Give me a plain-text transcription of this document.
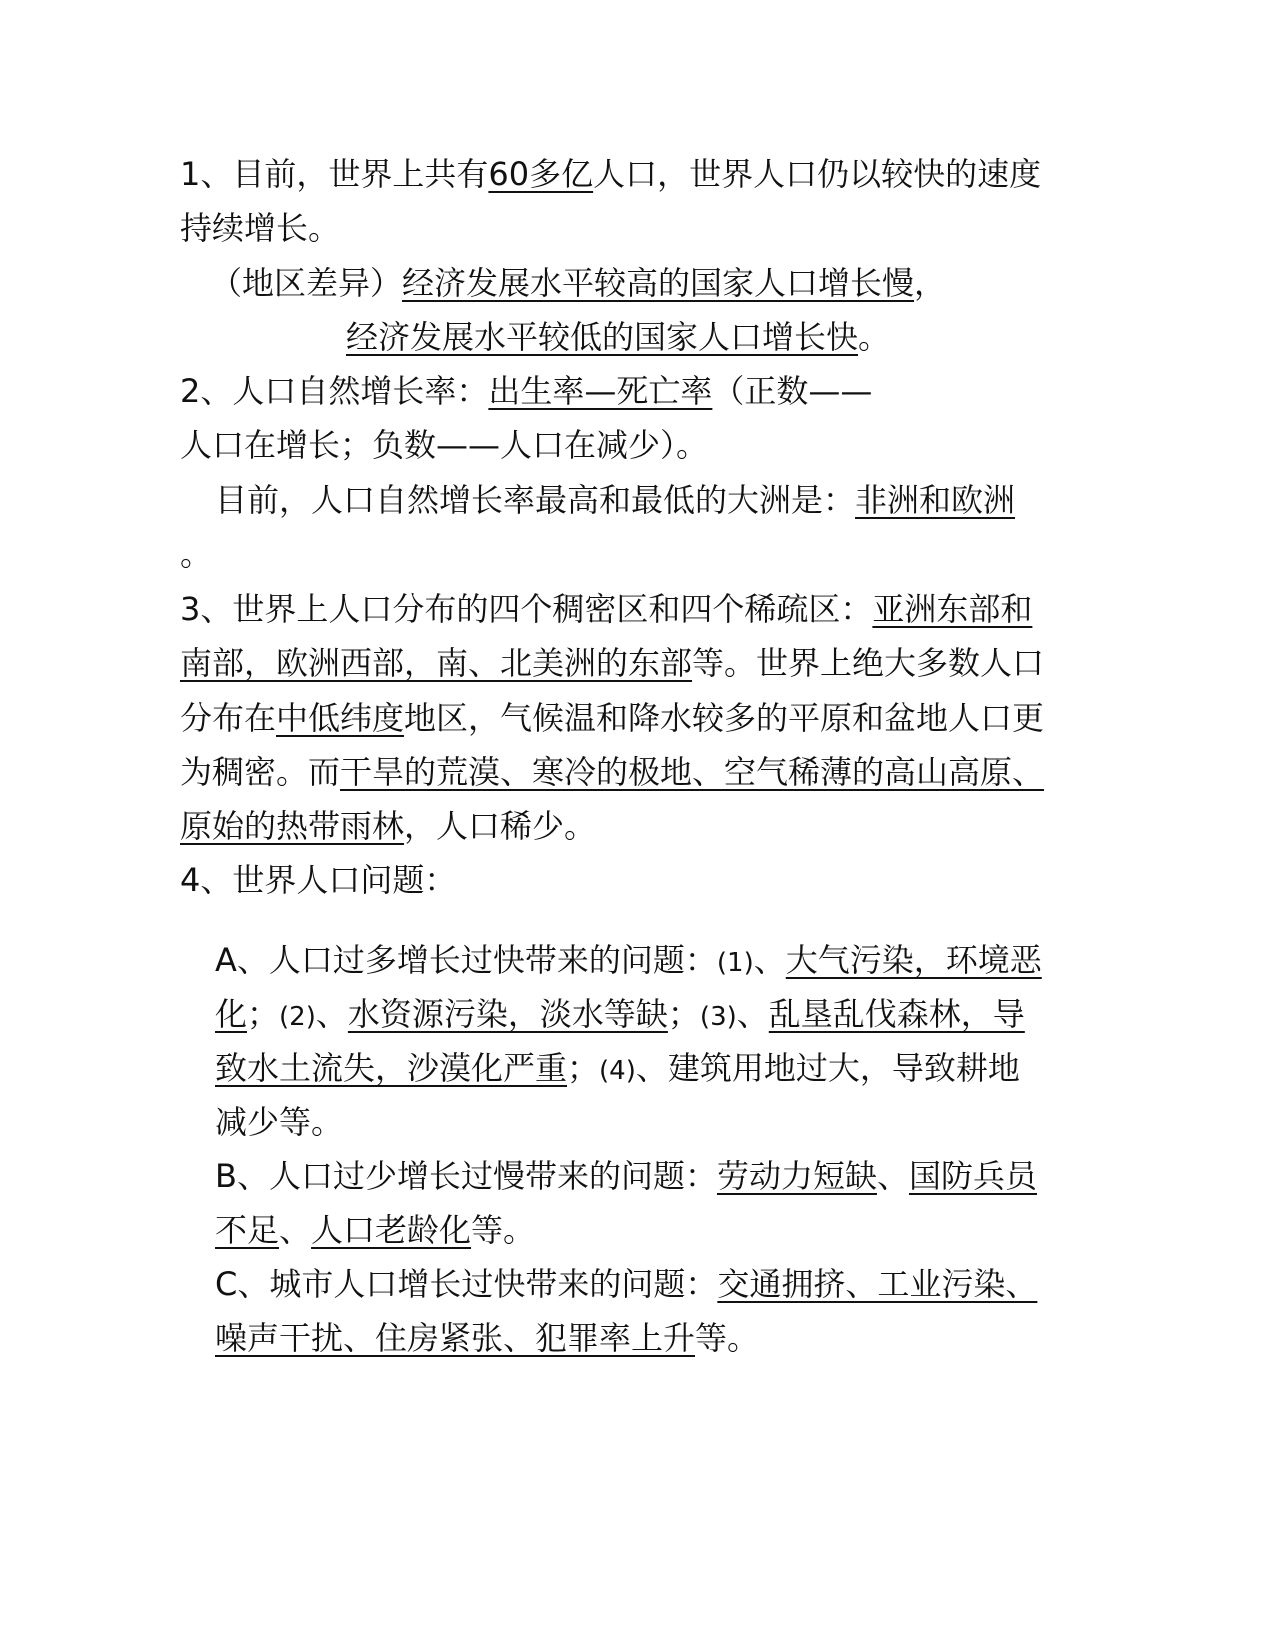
1、目前，世界上共有60多亿人口，世界人口仍以较快的速度
持续增长。
（地区差异）经济发展水平较高的国家人口增长慢，
经济发展水平较低的国家人口增长快。
2、人口自然增长率：出生率—死亡率（正数——
人口在增长；负数——人口在减少）。
目前，人口自然增长率最高和最低的大洲是：非洲和欧洲
。
3、世界上人口分布的四个稠密区和四个稀疏区：亚洲东部和
南部，欧洲西部，南、北美洲的东部等。世界上绝大多数人口
分布在中低纬度地区，气候温和降水较多的平原和盆地人口更
为稠密。而干旱的荒漠、寒冷的极地、空气稀薄的高山高原、
原始的热带雨林，人口稀少。
4、世界人口问题：
A、人口过多增长过快带来的问题：(1)、大气污染，环境恶
化；(2)、水资源污染，淡水等缺；(3)、乱垦乱伐森林，导
致水土流失，沙漠化严重；(4)、建筑用地过大，导致耕地
减少等。
B、人口过少增长过慢带来的问题：劳动力短缺、国防兵员
不足、人口老龄化等。
C、城市人口增长过快带来的问题：交通拥挤、工业污染、
噪声干扰、住房紧张、犯罪率上升等。
